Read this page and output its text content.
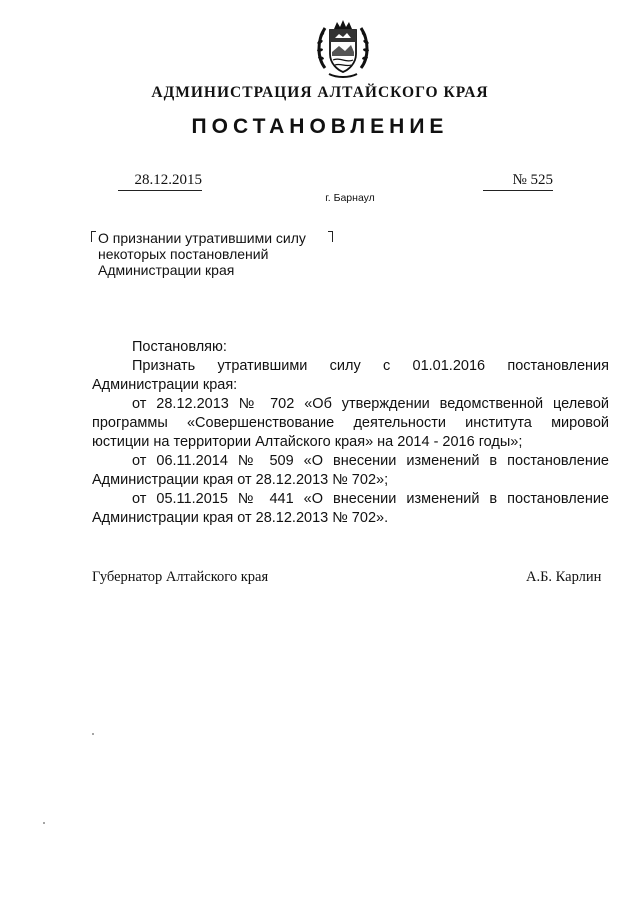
АДМИНИСТРАЦИЯ АЛТАЙСКОГО КРАЯ
ПОСТАНОВЛЕНИЕ
28.12.2015	№ 525
г. Барнаул
О признании утратившими силу некоторых постановлений Администрации края

Постановляю:

Признать утратившими силу с 01.01.2016 постановления Администрации края:

от 28.12.2013 № 702 «Об утверждении ведомственной целевой программы «Совершенствование деятельности института мировой юстиции на территории Алтайского края» на 2014 - 2016 годы»;

от 06.11.2014 № 509 «О внесении изменений в постановление Администрации края от 28.12.2013 № 702»;

от 05.11.2015 № 441 «О внесении изменений в постановление Администрации края от 28.12.2013 № 702».

Губернатор Алтайского края	А.Б. Карлин
